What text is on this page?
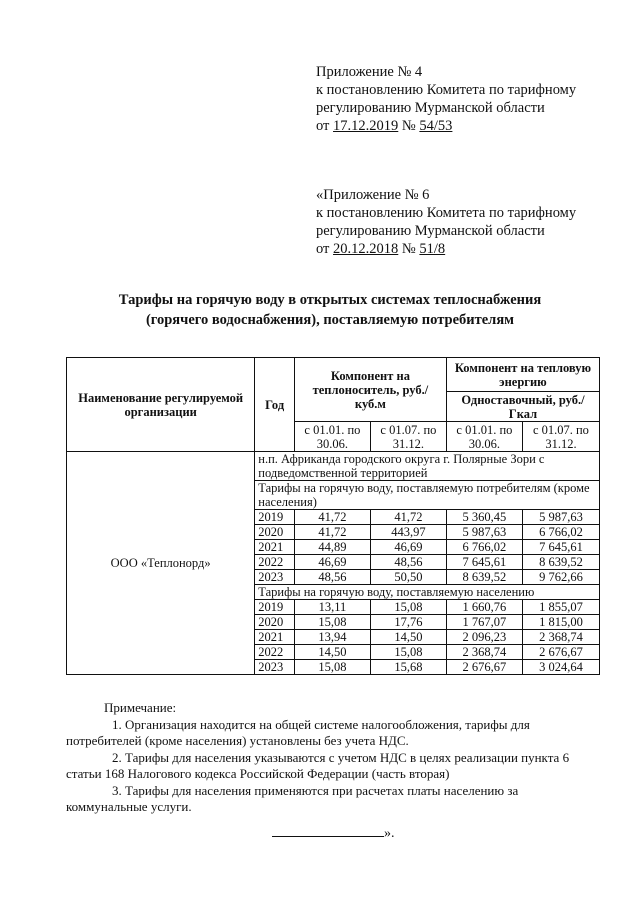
Приложение № 4
к постановлению Комитета по тарифному
регулированию Мурманской области
от 17.12.2019 № 54/53
«Приложение № 6
к постановлению Комитета по тарифному
регулированию Мурманской области
от 20.12.2018 № 51/8
Тарифы на горячую воду в открытых системах теплоснабжения
(горячего водоснабжения), поставляемую потребителям
Наименование регулируемой организации	Год	Компонент на теплоноситель, руб./куб.м		Компонент на тепловую энергию	
				Одноставочный, руб./Гкал	
		с 01.01. по 30.06.	с 01.07. по 31.12.	с 01.01. по 30.06.	с 01.07. по 31.12.
ООО «Теплонорд»	н.п. Африканда городского округа г. Полярные Зори с подведомственной территорией				
	Тарифы на горячую воду, поставляемую потребителям (кроме населения)				
	2019	41,72	41,72	5 360,45	5 987,63
	2020	41,72	443,97	5 987,63	6 766,02
	2021	44,89	46,69	6 766,02	7 645,61
	2022	46,69	48,56	7 645,61	8 639,52
	2023	48,56	50,50	8 639,52	9 762,66
	Тарифы на горячую воду, поставляемую населению				
	2019	13,11	15,08	1 660,76	1 855,07
	2020	15,08	17,76	1 767,07	1 815,00
	2021	13,94	14,50	2 096,23	2 368,74
	2022	14,50	15,08	2 368,74	2 676,67
	2023	15,08	15,68	2 676,67	3 024,64

Примечание:

1. Организация находится на общей системе налогообложения, тарифы для

потребителей (кроме населения) установлены без учета НДС.

2. Тарифы для населения указываются с учетом НДС в целях реализации пункта 6

статьи 168 Налогового кодекса Российской Федерации (часть вторая)

3. Тарифы для населения применяются при расчетах платы населению за

коммунальные услуги.

».
